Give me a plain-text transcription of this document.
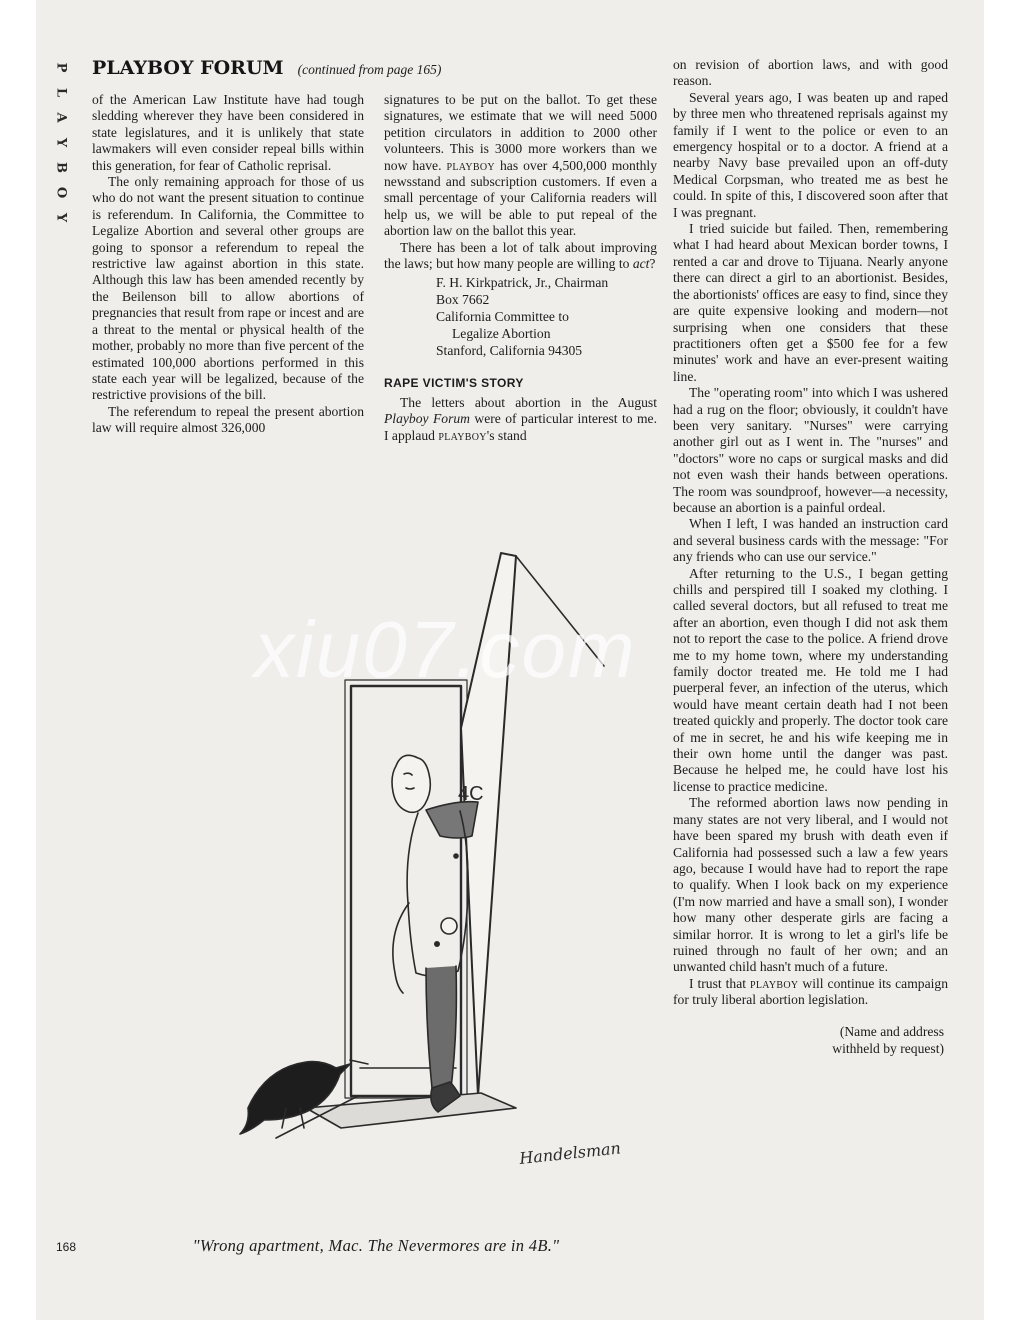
P
L
A
Y
B
O
Y
PLAYBOY FORUM (continued from page 165)

of the American Law Institute have had tough sledding wherever they have been considered in state legislatures, and it is unlikely that state lawmakers will even consider repeal bills within this generation, for fear of Catholic reprisal.

The only remaining approach for those of us who do not want the present situation to continue is referendum. In California, the Committee to Legalize Abortion and several other groups are going to sponsor a referendum to repeal the restrictive law against abortion in this state. Although this law has been amended recently by the Beilenson bill to allow abortions of pregnancies that result from rape or incest and are a threat to the mental or physical health of the mother, probably no more than five percent of the estimated 100,000 abortions performed in this state each year will be legalized, because of the restrictive provisions of the bill.

The referendum to repeal the present abortion law will require almost 326,000

signatures to be put on the ballot. To get these signatures, we estimate that we will need 5000 petition circulators in addition to 2000 other volunteers. This is 3000 more workers than we now have. playboy has over 4,500,000 monthly newsstand and subscription customers. If even a small percentage of your California readers will help us, we will be able to put repeal of the abortion law on the ballot this year.

There has been a lot of talk about improving the laws; but how many people are willing to act?

F. H. Kirkpatrick, Jr., Chairman
Box 7662
California Committee to
Legalize Abortion
Stanford, California 94305
RAPE VICTIM'S STORY

The letters about abortion in the August Playboy Forum were of particular interest to me. I applaud playboy's stand

on revision of abortion laws, and with good reason.

Several years ago, I was beaten up and raped by three men who threatened reprisals against my family if I went to the police or even to an emergency hospital or to a doctor. A friend at a nearby Navy base prevailed upon an off-duty Medical Corpsman, who treated me as best he could. In spite of this, I discovered soon after that I was pregnant.

I tried suicide but failed. Then, remembering what I had heard about Mexican border towns, I rented a car and drove to Tijuana. Nearly anyone there can direct a girl to an abortionist. Besides, the abortionists' offices are easy to find, since they are quite expensive looking and modern—not surprising when one considers that these practitioners often get a $500 fee for a few minutes' work and have an ever-present waiting line.

The "operating room" into which I was ushered had a rug on the floor; obviously, it couldn't have been very sanitary. "Nurses" were carrying another girl out as I went in. The "nurses" and "doctors" wore no caps or surgical masks and did not even wash their hands between operations. The room was soundproof, however—a necessity, because an abortion is a painful ordeal.

When I left, I was handed an instruction card and several business cards with the message: "For any friends who can use our service."

After returning to the U.S., I began getting chills and perspired till I soaked my clothing. I called several doctors, but all refused to treat me after an abortion, even though I did not ask them not to report the case to the police. A friend drove me to my home town, where my understanding family doctor treated me. He told me I had puerperal fever, an infection of the uterus, which would have meant certain death had I not been treated quickly and properly. The doctor took care of me in secret, he and his wife keeping me in their own home until the danger was past. Because he helped me, he could have lost his license to practice medicine.

The reformed abortion laws now pending in many states are not very liberal, and I would not have been spared my brush with death even if California had possessed such a law a few years ago, because I would have had to report the rape to qualify. When I look back on my experience (I'm now married and have a small son), I wonder how many other desperate girls are facing a similar horror. It is wrong to let a girl's life be ruined through no fault of her own; and an unwanted child hasn't much of a future.

I trust that playboy will continue its campaign for truly liberal abortion legislation.

(Name and address
withheld by request)
4C
Handelsman
"Wrong apartment, Mac. The Nevermores are in 4B."
168
xiu07.com
